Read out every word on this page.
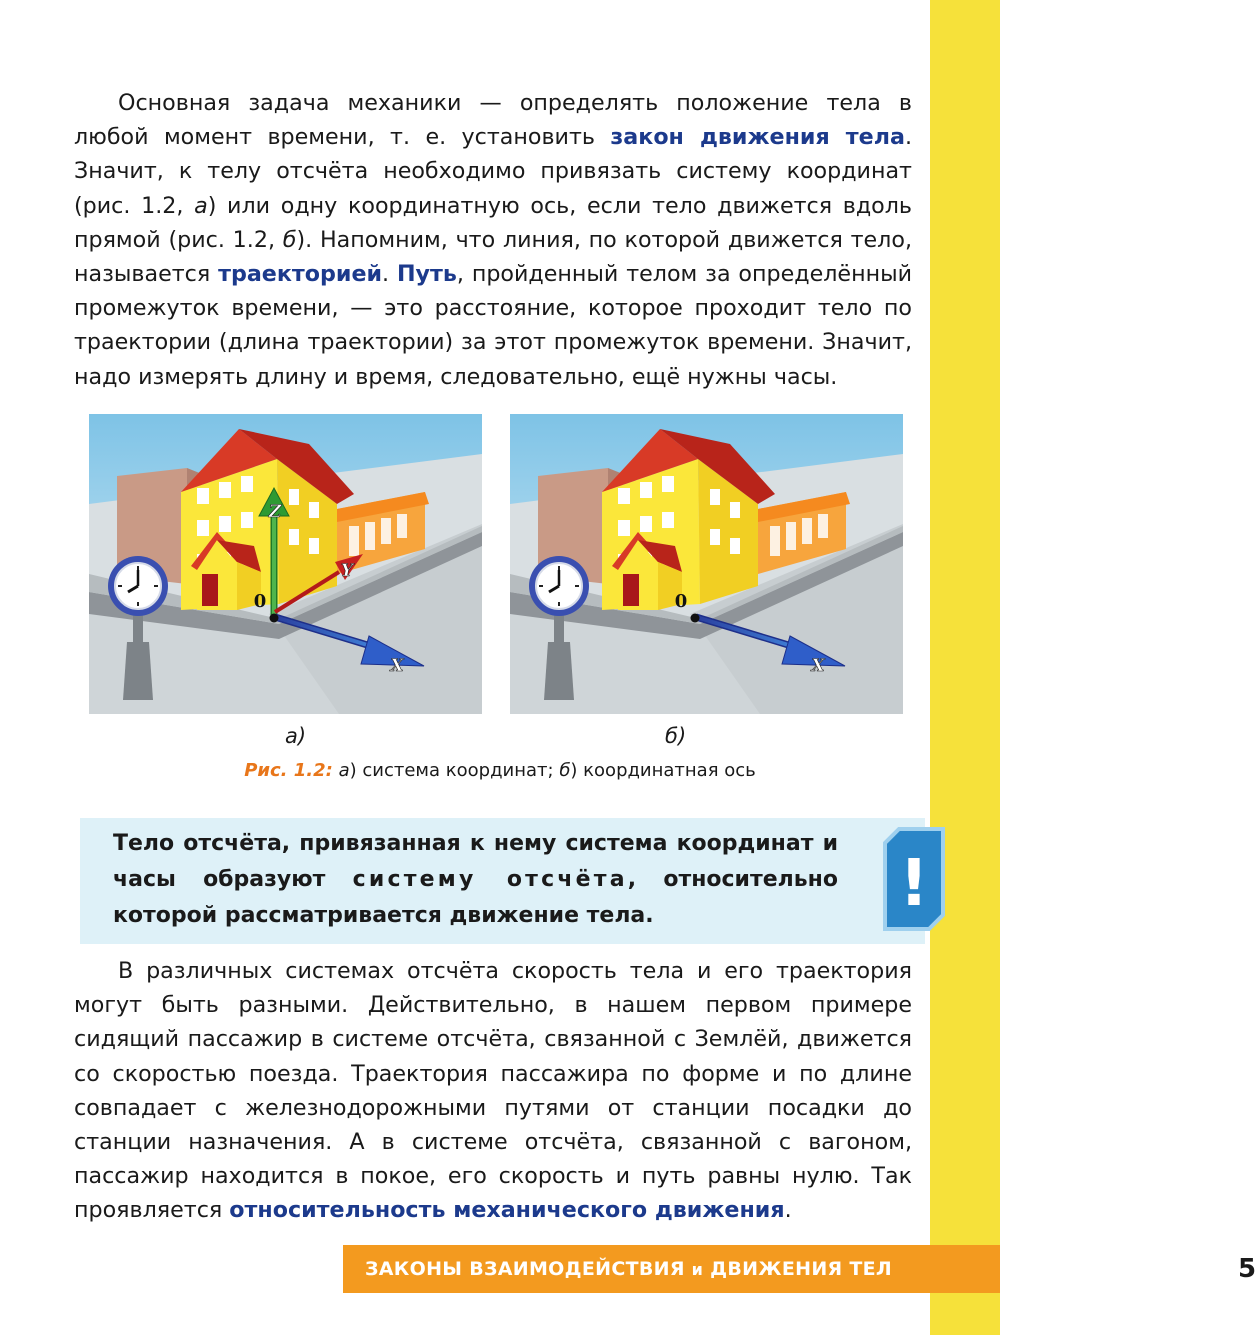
Основная задача механики — определять положение тела в любой момент времени, т. е. установить закон движения тела. Значит, к телу отсчёта необходимо привязать систему координат (рис. 1.2, а) или одну координатную ось, если тело движется вдоль прямой (рис. 1.2, б). Напомним, что линия, по которой движется тело, называется траекторией. Путь, пройденный телом за определённый промежуток времени, — это расстояние, которое проходит тело по траектории (длина траектории) за этот промежуток времени. Значит, надо измерять длину и время, следовательно, ещё нужны часы.

Z
Y
X
0
X
0
а)	б)
Рис. 1.2: а) система координат; б) координатная ось
Тело отсчёта, привязанная к нему система координат и часы образуют систему отсчёта, относительно которой рассматривается движение тела.	!

В различных системах отсчёта скорость тела и его траектория могут быть разными. Действительно, в нашем первом примере сидящий пассажир в системе отсчёта, связанной с Землёй, движется со скоростью поезда. Траектория пассажира по форме и по длине совпадает с железнодорожными путями от станции посадки до станции назначения. А в системе отсчёта, связанной с вагоном, пассажир находится в покое, его скорость и путь равны нулю. Так проявляется относительность механического движения.

ЗАКОНЫ ВЗАИМОДЕЙСТВИЯ и ДВИЖЕНИЯ ТЕЛ	5
